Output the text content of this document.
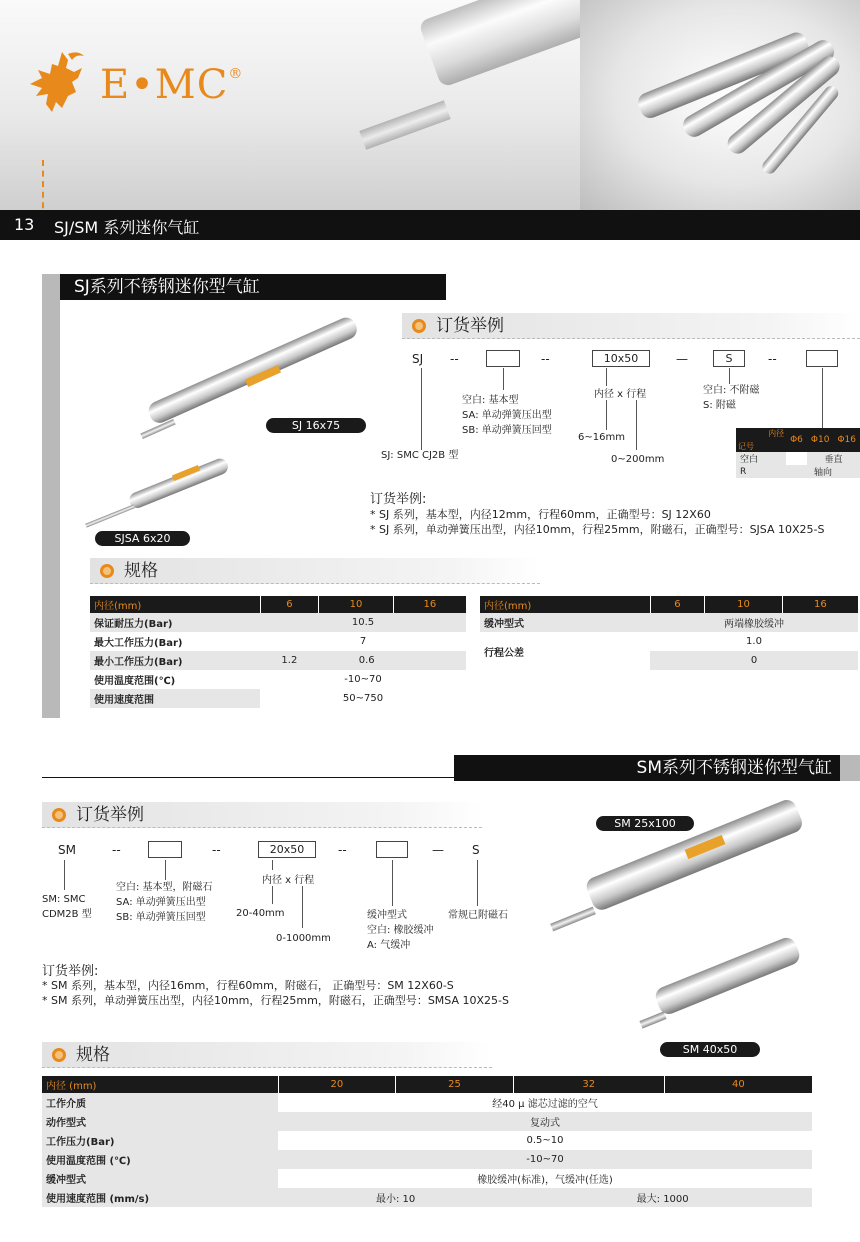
E•MC®
13 SJ/SM 系列迷你气缸
SJ系列不锈钢迷你型气缸
订货举例
SJ 16x75
SJSA 6x20
SJ --	--	10x50	—	S	--
空白: 基本型
SA: 单动弹簧压出型
SB: 单动弹簧压回型
内径 x 行程
6~16mm
0~200mm
空白: 不附磁
S: 附磁
SJ: SMC CJ2B 型
内径
记号	Φ6	Φ10	Φ16
空白		垂直	
R	轴向		
订货举例:
* SJ 系列，基本型，内径12mm，行程60mm，正确型号：SJ 12X60
* SJ 系列，单动弹簧压出型，内径10mm，行程25mm，附磁石，正确型号：SJSA 10X25-S
规格
内径(mm)	6	10	16
保证耐压力(Bar)	10.5		
最大工作压力(Bar)	7		
最小工作压力(Bar)	1.2	0.6	
使用温度范围(℃)	-10~70		
使用速度范围	50~750		
内径(mm)	6	10	16
缓冲型式	两端橡胶缓冲		
行程公差	1.0		
	0		
SM系列不锈钢迷你型气缸
订货举例
SM	--	--	20x50	--	— S
SM: SMC
CDM2B 型
空白: 基本型，附磁石
SA: 单动弹簧压出型
SB: 单动弹簧压回型
内径 x 行程
20-40mm
0-1000mm
缓冲型式
空白: 橡胶缓冲
A: 气缓冲
常规已附磁石
SM 25x100
SM 40x50
订货举例:
* SM 系列，基本型，内径16mm，行程60mm，附磁石， 正确型号：SM 12X60-S
* SM 系列，单动弹簧压出型，内径10mm，行程25mm，附磁石，正确型号：SMSA 10X25-S
规格
内径 (mm)	20	25	32	40
工作介质	经40 μ 滤芯过滤的空气			
动作型式	复动式			
工作压力(Bar)	0.5~10			
使用温度范围 (℃)	-10~70			
缓冲型式	橡胶缓冲(标准)，气缓冲(任选)			
使用速度范围 (mm/s)	最小: 10		最大: 1000	
